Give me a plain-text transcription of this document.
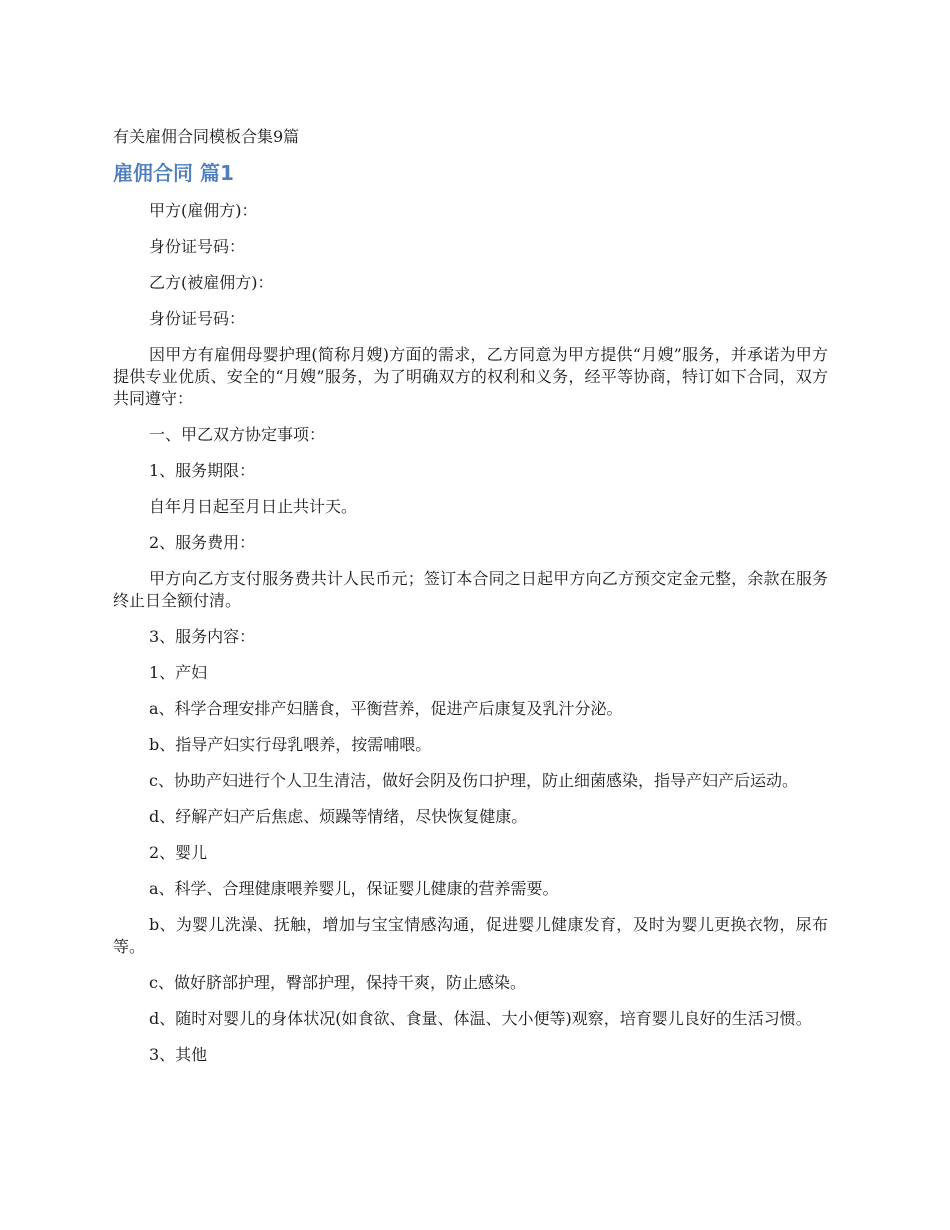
有关雇佣合同模板合集9篇

雇佣合同 篇1

甲方(雇佣方)：

身份证号码：

乙方(被雇佣方)：

身份证号码：

因甲方有雇佣母婴护理(简称月嫂)方面的需求，乙方同意为甲方提供“月嫂”服务，并承诺为甲方提供专业优质、安全的“月嫂”服务，为了明确双方的权利和义务，经平等协商，特订如下合同，双方共同遵守：

一、甲乙双方协定事项：

1、服务期限：

自年月日起至月日止共计天。

2、服务费用：

甲方向乙方支付服务费共计人民币元；签订本合同之日起甲方向乙方预交定金元整，余款在服务终止日全额付清。

3、服务内容：

1、产妇

a、科学合理安排产妇膳食，平衡营养，促进产后康复及乳汁分泌。

b、指导产妇实行母乳喂养，按需哺喂。

c、协助产妇进行个人卫生清洁，做好会阴及伤口护理，防止细菌感染，指导产妇产后运动。

d、纾解产妇产后焦虑、烦躁等情绪，尽快恢复健康。

2、婴儿

a、科学、合理健康喂养婴儿，保证婴儿健康的营养需要。

b、为婴儿洗澡、抚触，增加与宝宝情感沟通，促进婴儿健康发育，及时为婴儿更换衣物，尿布等。

c、做好脐部护理，臀部护理，保持干爽，防止感染。

d、随时对婴儿的身体状况(如食欲、食量、体温、大小便等)观察，培育婴儿良好的生活习惯。

3、其他
